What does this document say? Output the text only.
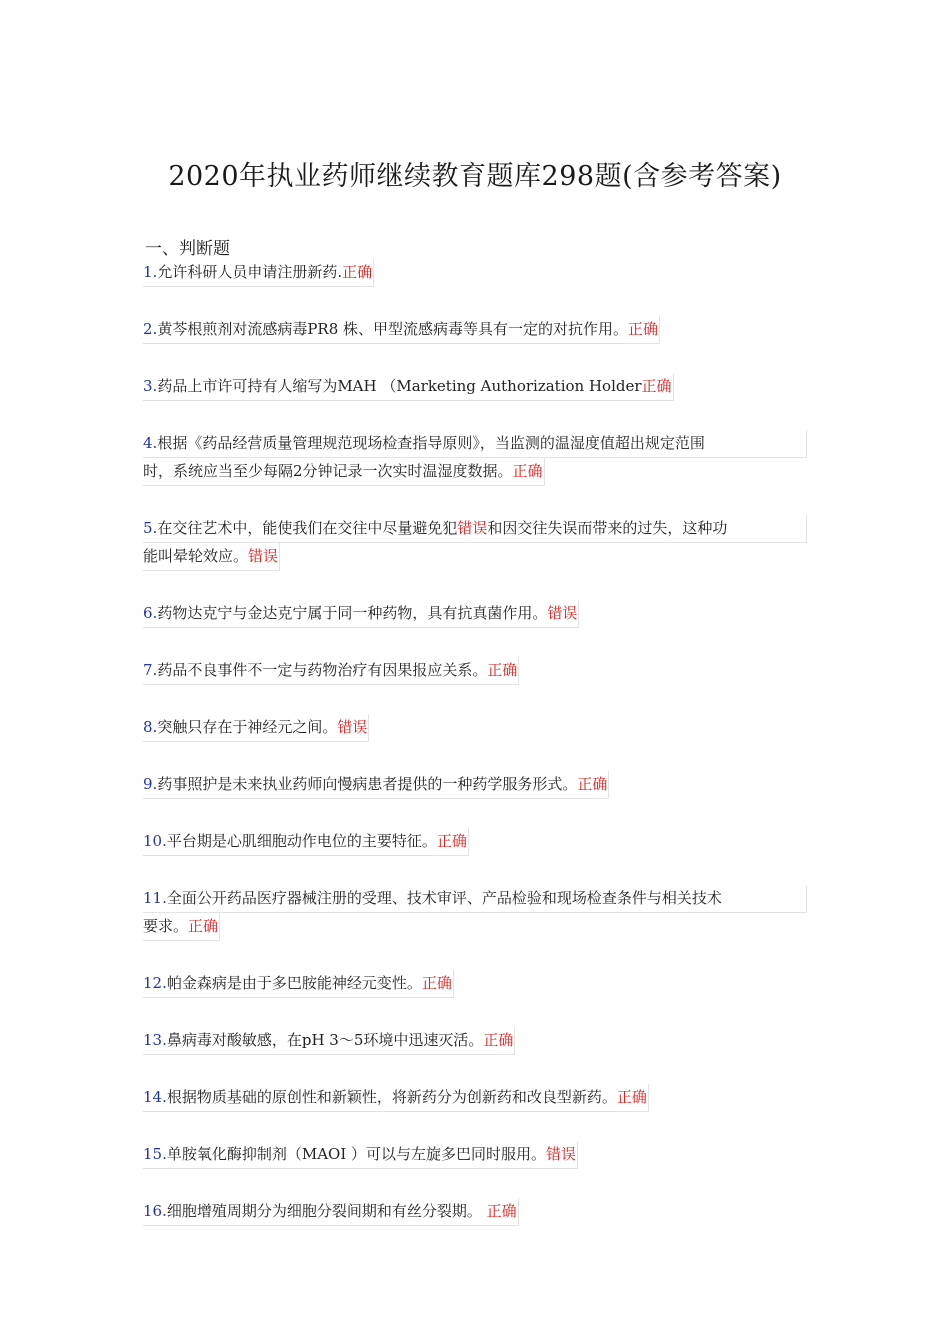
2020年执业药师继续教育题库298题(含参考答案)
一、判断题
1.允许科研人员申请注册新药.正确
2.黄芩根煎剂对流感病毒PR8 株、甲型流感病毒等具有一定的对抗作用。正确
3.药品上市许可持有人缩写为MAH （Marketing Authorization Holder正确
4.根据《药品经营质量管理规范现场检查指导原则》，当监测的温湿度值超出规定范围
时，系统应当至少每隔2分钟记录一次实时温湿度数据。正确
5.在交往艺术中，能使我们在交往中尽量避免犯错误和因交往失误而带来的过失，这种功
能叫晕轮效应。错误
6.药物达克宁与金达克宁属于同一种药物，具有抗真菌作用。错误
7.药品不良事件不一定与药物治疗有因果报应关系。正确
8.突触只存在于神经元之间。错误
9.药事照护是未来执业药师向慢病患者提供的一种药学服务形式。正确
10.平台期是心肌细胞动作电位的主要特征。正确
11.全面公开药品医疗器械注册的受理、技术审评、产品检验和现场检查条件与相关技术
要求。正确
12.帕金森病是由于多巴胺能神经元变性。正确
13.鼻病毒对酸敏感，在pH 3～5环境中迅速灭活。正确
14.根据物质基础的原创性和新颖性，将新药分为创新药和改良型新药。正确
15.单胺氧化酶抑制剂（MAOI ）可以与左旋多巴同时服用。错误
16.细胞增殖周期分为细胞分裂间期和有丝分裂期。 正确
